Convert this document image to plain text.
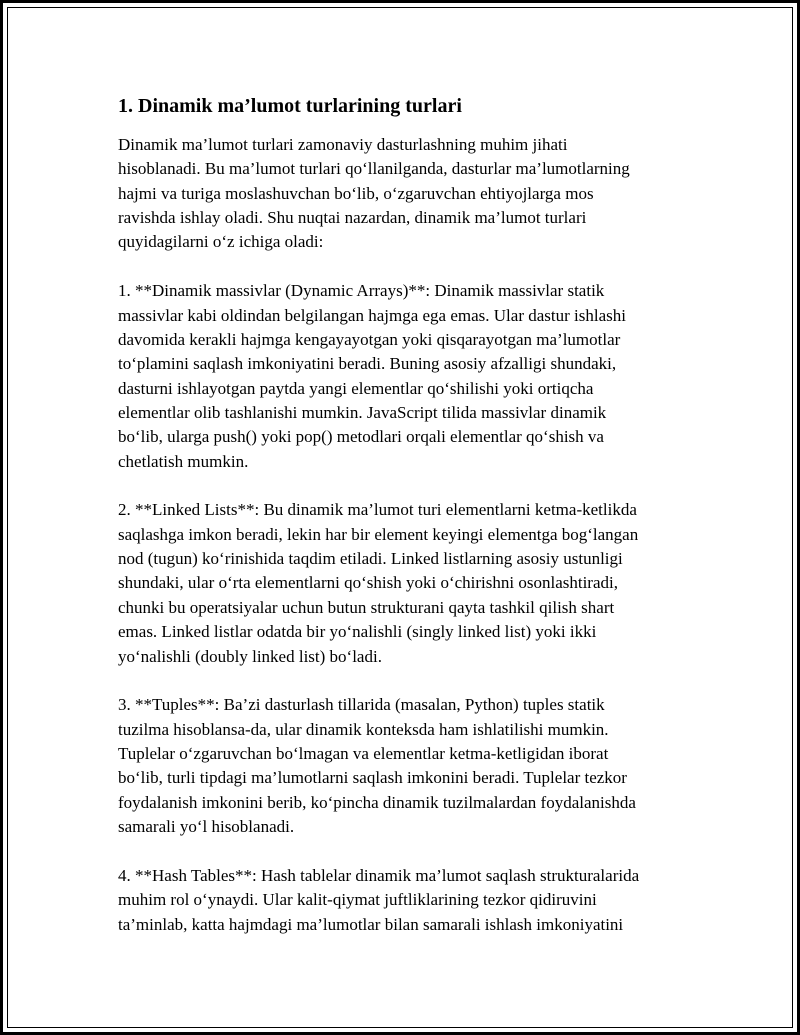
1. Dinamik ma’lumot turlarining turlari
Dinamik ma’lumot turlari zamonaviy dasturlashning muhim jihati
hisoblanadi. Bu ma’lumot turlari qo‘llanilganda, dasturlar ma’lumotlarning
hajmi va turiga moslashuvchan bo‘lib, o‘zgaruvchan ehtiyojlarga mos
ravishda ishlay oladi. Shu nuqtai nazardan, dinamik ma’lumot turlari
quyidagilarni o‘z ichiga oladi:
1. **Dinamik massivlar (Dynamic Arrays)**: Dinamik massivlar statik
massivlar kabi oldindan belgilangan hajmga ega emas. Ular dastur ishlashi
davomida kerakli hajmga kengayayotgan yoki qisqarayotgan ma’lumotlar
to‘plamini saqlash imkoniyatini beradi. Buning asosiy afzalligi shundaki,
dasturni ishlayotgan paytda yangi elementlar qo‘shilishi yoki ortiqcha
elementlar olib tashlanishi mumkin. JavaScript tilida massivlar dinamik
bo‘lib, ularga push() yoki pop() metodlari orqali elementlar qo‘shish va
chetlatish mumkin.
2. **Linked Lists**: Bu dinamik ma’lumot turi elementlarni ketma-ketlikda
saqlashga imkon beradi, lekin har bir element keyingi elementga bog‘langan
nod (tugun) ko‘rinishida taqdim etiladi. Linked listlarning asosiy ustunligi
shundaki, ular o‘rta elementlarni qo‘shish yoki o‘chirishni osonlashtiradi,
chunki bu operatsiyalar uchun butun strukturani qayta tashkil qilish shart
emas. Linked listlar odatda bir yo‘nalishli (singly linked list) yoki ikki
yo‘nalishli (doubly linked list) bo‘ladi.
3. **Tuples**: Ba’zi dasturlash tillarida (masalan, Python) tuples statik
tuzilma hisoblansa-da, ular dinamik konteksda ham ishlatilishi mumkin.
Tuplelar o‘zgaruvchan bo‘lmagan va elementlar ketma-ketligidan iborat
bo‘lib, turli tipdagi ma’lumotlarni saqlash imkonini beradi. Tuplelar tezkor
foydalanish imkonini berib, ko‘pincha dinamik tuzilmalardan foydalanishda
samarali yo‘l hisoblanadi.
4. **Hash Tables**: Hash tablelar dinamik ma’lumot saqlash strukturalarida
muhim rol o‘ynaydi. Ular kalit-qiymat juftliklarining tezkor qidiruvini
ta’minlab, katta hajmdagi ma’lumotlar bilan samarali ishlash imkoniyatini
